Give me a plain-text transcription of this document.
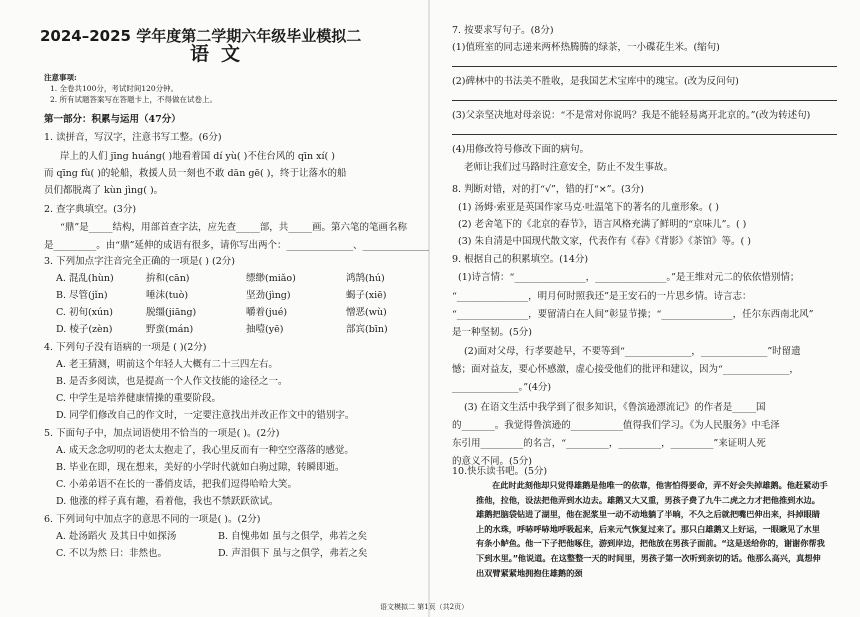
2024–2025 学年度第二学期六年级毕业模拟二
语文
注意事项:
1. 全卷共100分，考试时间120分钟。
2. 所有试题答案写在答题卡上，不得做在试卷上。
第一部分：积累与运用（47分）
1. 读拼音，写汉字，注意书写工整。(6分)
岸上的人们 jīng huáng( )地看着国 dí yù( )不住台风的 qīn xí( )
而 qīng fù( )的轮船，救援人员一刻也不敢 dān gē( )，终于让落水的船
员们都脱离了 kùn jìng( )。
2. 查字典填空。(3分)
“鼎”是_____结构，用部首查字法，应先查_____部，共_____画。第六笔的笔画名称
是_________。由“鼎”延伸的成语有很多，请你写出两个：______________、______________
3. 下列加点字注音完全正确的一项是( ) (2分)
A. 混乱(hùn)	拚和(cān)	缥缈(miǎo)	鸿鹄(hú)
B. 尽管(jǐn)	唾沫(tuò)	坚劲(jìng)	蝎子(xiē)
C. 初旬(xún)	脱缰(jiāng)	嚼着(jué)	憎恶(wù)
D. 棱子(zèn)	野蛮(mán)	抽噎(yē)	部宾(bīn)
4. 下列句子没有语病的一项是 ( )(2分)
A. 老王猜测，明前这个年轻人大概有二十三四左右。
B. 是否多阅读，也是提高一个人作文技能的途径之一。
C. 中学生是培养健康情操的重要阶段。
D. 同学们修改自己的作文时，一定要注意找出并改正作文中的错别字。
5. 下面句子中，加点词语使用不恰当的一项是( )。(2分)
A. 成天念念叨叨的老太太抱走了，我心里反而有一种空空落落的感觉。
B. 毕业在即，现在想来，美好的小学时代就如白驹过隙，转瞬即逝。
C. 小弟弟语不在长的一番俏皮话，把我们逗得哈哈大笑。
D. 他涨的样子真有趣，看着他，我也不禁跃跃欲试。
6. 下列词句中加点字的意思不同的一项是( )。(2分)
A. 赴汤蹈火 及其日中如探汤	B. 自愧弗如 虽与之俱学，弗若之矣
C. 不以为然 曰：非然也。	D. 声泪俱下 虽与之俱学，弗若之矣
7. 按要求写句子。(8分)
(1)值班室的同志递来两杯热腾腾的绿茶，一小碟花生米。(缩句)
(2)碑林中的书法美不胜收，是我国艺术宝库中的瑰宝。(改为反问句)
(3)父亲坚决地对母亲说：“不是常对你说吗？我是不能轻易离开北京的。”(改为转述句)
(4)用修改符号修改下面的病句。
老师让我们过马路时注意安全，防止不发生事故。
8. 判断对错，对的打“√”，错的打“×”。(3分)
(1) 汤姆·索亚是英国作家马克·吐温笔下的著名的儿童形象。( )
(2) 老舍笔下的《北京的春节》，语言风格充满了鲜明的“京味儿”。( )
(3) 朱自清是中国现代散文家，代表作有《春》《背影》《茶馆》等。( )
9. 根据自己的积累填空。(14分)
(1)诗言情：“_______________，_______________。”是王维对元二的依依惜别情；
“_______________，明月何时照我还”是王安石的一片思乡情。诗言志：
“_______________，要留清白在人间”彰显节操；“_______________，任尔东西南北风”
是一种坚韧。(5分)
(2)面对父母，行孝要趁早，不要等到“______________，______________”时留遗
憾；面对益友，要心怀感激，虚心接受他们的批评和建议，因为“______________，
______________。”(4分)
(3) 在语文生活中我学到了很多知识，《鲁滨逊漂流记》的作者是_____国
的_______。我觉得鲁滨逊的___________值得我们学习。《为人民服务》中毛泽
东引用_________的名言，“_________，_________，_________”来证明人死
的意义不同。(5分)
10.快乐读书吧。(5分)
在此时此刻他却只觉得雄鹅是他唯一的依靠，他害怕得要命，弄不好会失掉雄鹅。他赶紧动手推他，拉他，设法把他弄到水边去。雄鹅又大又重，男孩子费了九牛二虎之力才把他推到水边。雄鹅把脑袋钻进了湖里，他在泥浆里一动不动地躺了半晌，不久之后就把嘴巴伸出来，抖掉眼睛上的水珠，呼哧呼哧地呼吸起来，后来元气恢复过来了。那只白雄鹅又上好运，一眼瞅见了水里有条小鲈鱼。他一下子把他啄住，游到岸边，把他放在男孩子面前。“这是送给你的，谢谢你帮我下到水里。”他说道。在这整整一天的时间里，男孩子第一次听到亲切的话。他那么高兴，真想伸出双臂紧紧地拥抱住雄鹅的颈
语文模拟二 第1页（共2页）
